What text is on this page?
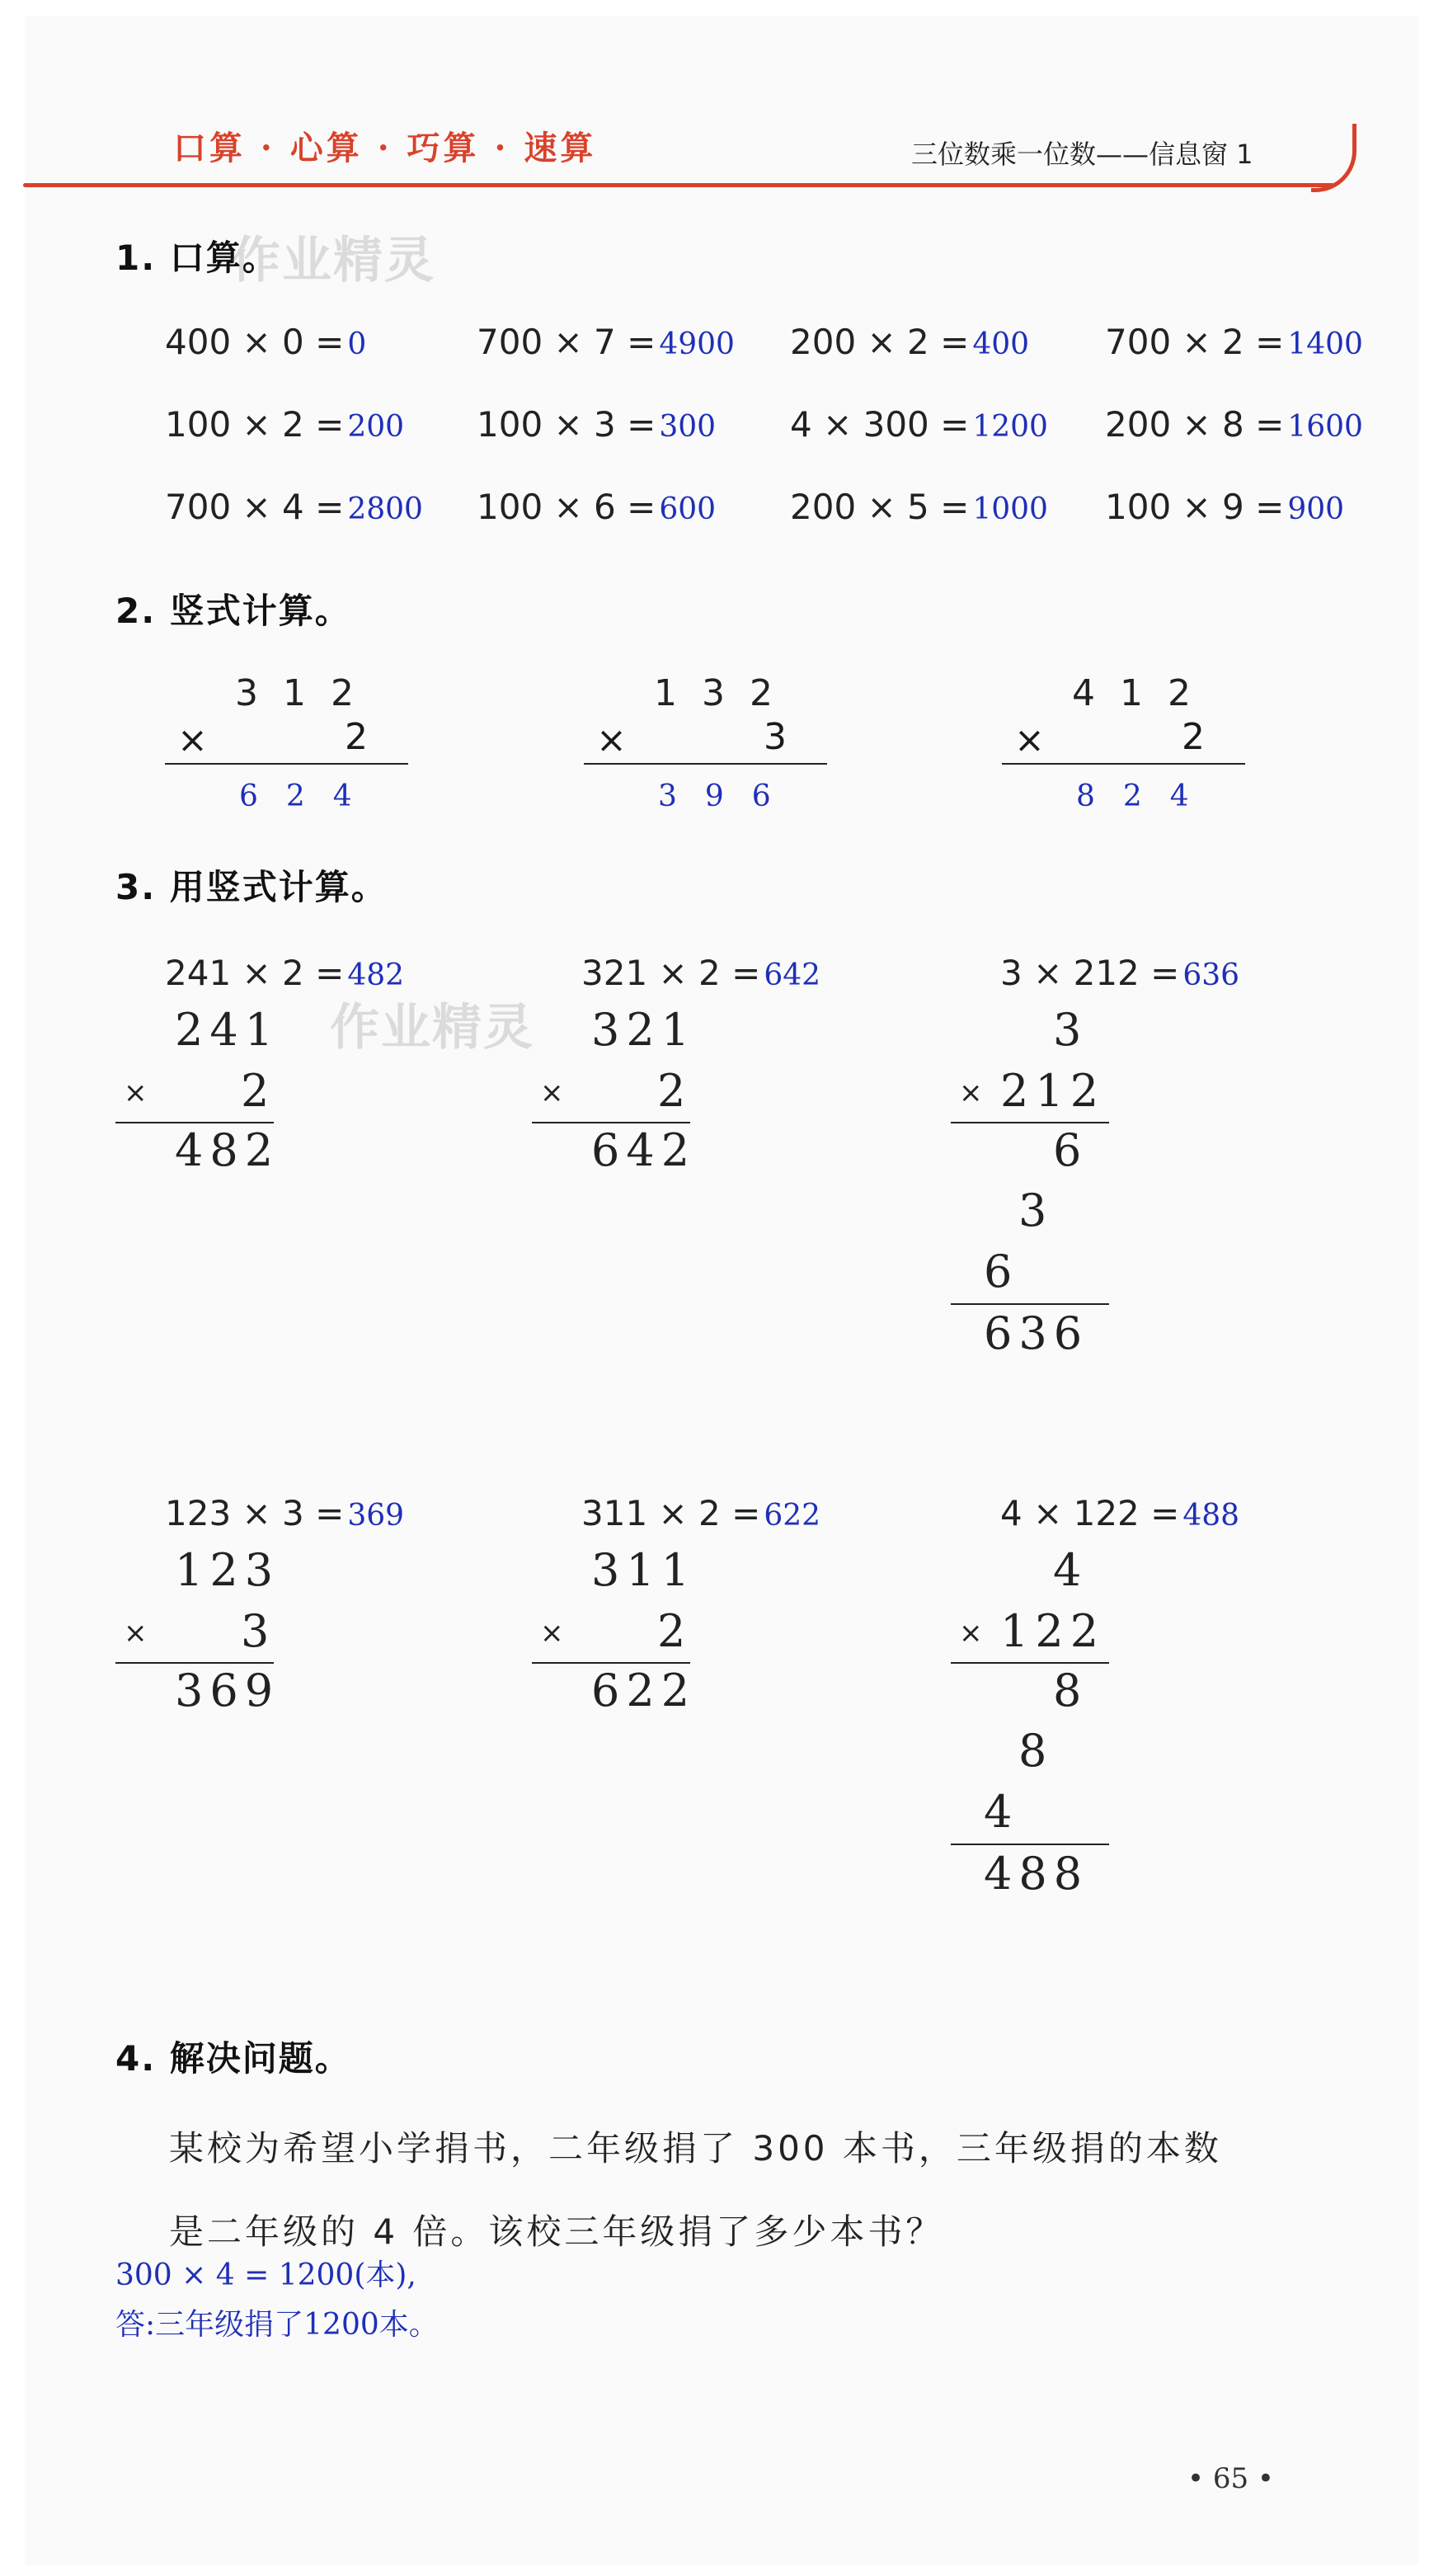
口算 · 心算 · 巧算 · 速算	三位数乘一位数——信息窗 1
1. 口算。
作业精灵
400 × 0 = 0	700 × 7 = 4900 200 × 2 = 400 700 × 2 = 1400
100 × 2 = 200 100 × 3 = 300 4 × 300 = 1200 200 × 8 = 1600
700 × 4 = 2800 100 × 6 = 600 200 × 5 = 1000 100 × 9 = 900
2. 竖式计算。
312
×	2
624
132
×	3
396
412
×	2
824
3. 用竖式计算。
作业精灵
241 × 2 = 482
241
× 2
482
321 × 2 = 642
321
× 2
642
3 × 212 = 636
3
× 212
6
3
6
636
123 × 3 = 369
123
× 3
369
311 × 2 = 622
311
× 2
622
4 × 122 = 488
4
× 122
8
8
4
488
4. 解决问题。
某校为希望小学捐书，二年级捐了 300 本书，三年级捐的本数
是二年级的 4 倍。该校三年级捐了多少本书？
300 × 4 = 1200(本),
答:三年级捐了1200本。
• 65 •
